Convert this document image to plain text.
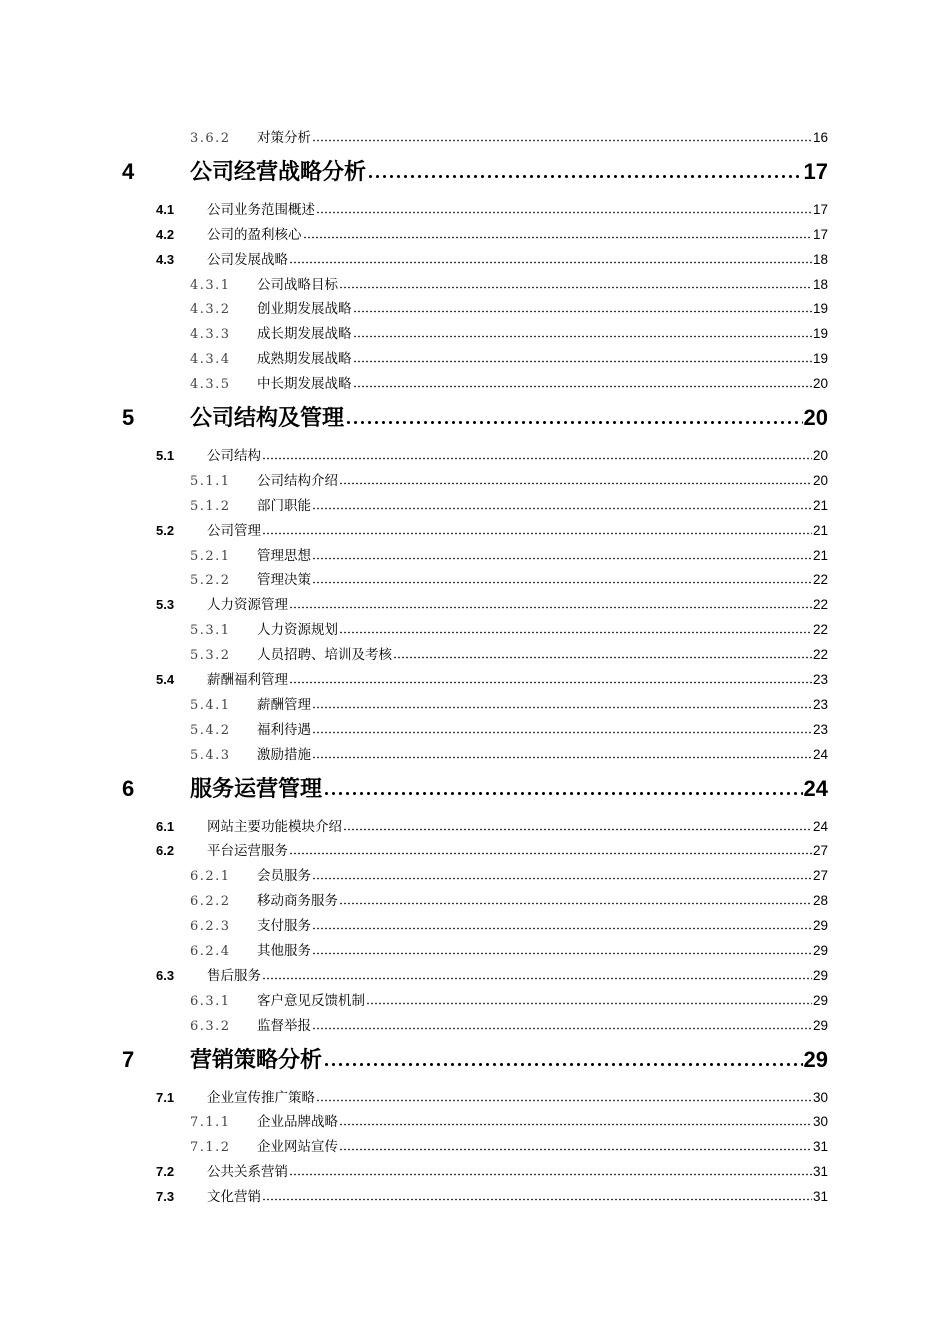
3.6.2	对策分析	16
4	公司经营战略分析	17
4.1	公司业务范围概述	17
4.2	公司的盈利核心	17
4.3	公司发展战略	18
4.3.1	公司战略目标	18
4.3.2	创业期发展战略	19
4.3.3	成长期发展战略	19
4.3.4	成熟期发展战略	19
4.3.5	中长期发展战略	20
5	公司结构及管理	20
5.1	公司结构	20
5.1.1	公司结构介绍	20
5.1.2	部门职能	21
5.2	公司管理	21
5.2.1	管理思想	21
5.2.2	管理决策	22
5.3	人力资源管理	22
5.3.1	人力资源规划	22
5.3.2	人员招聘、培训及考核	22
5.4	薪酬福利管理	23
5.4.1	薪酬管理	23
5.4.2	福利待遇	23
5.4.3	激励措施	24
6	服务运营管理	24
6.1	网站主要功能模块介绍	24
6.2	平台运营服务	27
6.2.1	会员服务	27
6.2.2	移动商务服务	28
6.2.3	支付服务	29
6.2.4	其他服务	29
6.3	售后服务	29
6.3.1	客户意见反馈机制	29
6.3.2	监督举报	29
7	营销策略分析	29
7.1	企业宣传推广策略	30
7.1.1	企业品牌战略	30
7.1.2	企业网站宣传	31
7.2	公共关系营销	31
7.3	文化营销	31
